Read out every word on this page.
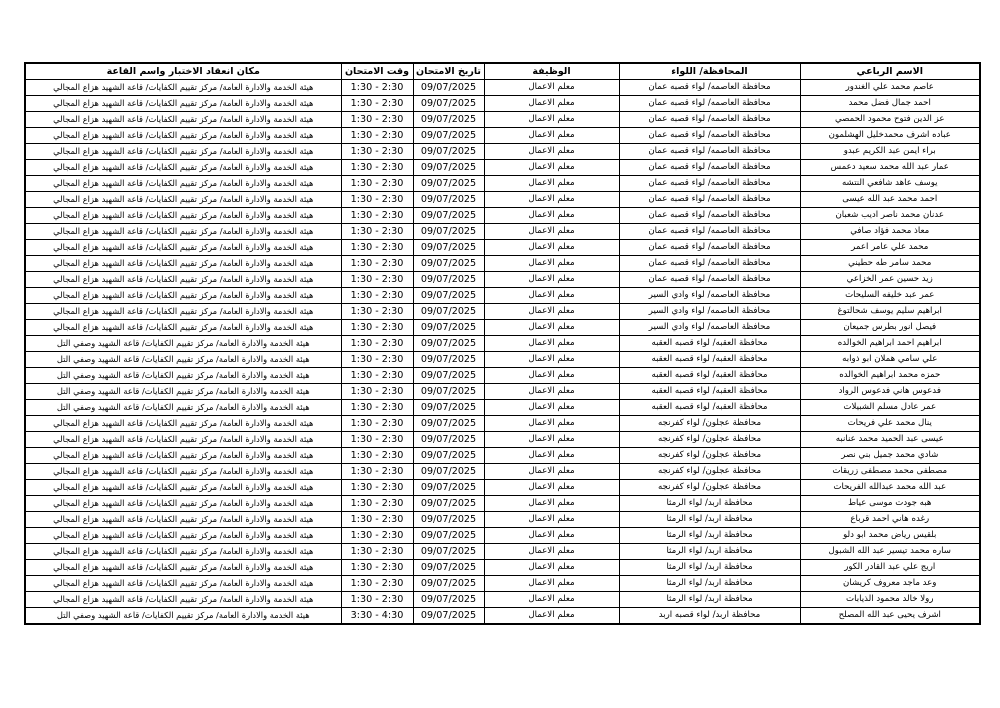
الاسم الرباعي	المحافظة/ اللواء	الوظيفة	تاريخ الامتحان	وقت الامتحان	مكان انعقاد الاختبار واسم القاعة
عاصم محمد علي الغندور	محافظة العاصمه/ لواء قصبه عمان	معلم الاعمال	09/07/2025	1:30 - 2:30	هيئة الخدمة والادارة العامة/ مركز تقييم الكفايات/ قاعة الشهيد هزاع المجالي
احمد جمال فضل محمد	محافظة العاصمه/ لواء قصبه عمان	معلم الاعمال	09/07/2025	1:30 - 2:30	هيئة الخدمة والادارة العامة/ مركز تقييم الكفايات/ قاعة الشهيد هزاع المجالي
عز الدين فتوح محمود الحمصي	محافظة العاصمه/ لواء قصبه عمان	معلم الاعمال	09/07/2025	1:30 - 2:30	هيئة الخدمة والادارة العامة/ مركز تقييم الكفايات/ قاعة الشهيد هزاع المجالي
عباده اشرف محمدخليل الهشلمون	محافظة العاصمه/ لواء قصبه عمان	معلم الاعمال	09/07/2025	1:30 - 2:30	هيئة الخدمة والادارة العامة/ مركز تقييم الكفايات/ قاعة الشهيد هزاع المجالي
براء ايمن عبد الكريم عبدو	محافظة العاصمه/ لواء قصبه عمان	معلم الاعمال	09/07/2025	1:30 - 2:30	هيئة الخدمة والادارة العامة/ مركز تقييم الكفايات/ قاعة الشهيد هزاع المجالي
عمار عبد الله محمد سعيد دعمس	محافظة العاصمه/ لواء قصبه عمان	معلم الاعمال	09/07/2025	1:30 - 2:30	هيئة الخدمة والادارة العامة/ مركز تقييم الكفايات/ قاعة الشهيد هزاع المجالي
يوسف عاهد شافعي النتشه	محافظة العاصمه/ لواء قصبه عمان	معلم الاعمال	09/07/2025	1:30 - 2:30	هيئة الخدمة والادارة العامة/ مركز تقييم الكفايات/ قاعة الشهيد هزاع المجالي
احمد محمد عبد الله عيسى	محافظة العاصمه/ لواء قصبه عمان	معلم الاعمال	09/07/2025	1:30 - 2:30	هيئة الخدمة والادارة العامة/ مركز تقييم الكفايات/ قاعة الشهيد هزاع المجالي
عدنان محمد ناصر اديب شعبان	محافظة العاصمه/ لواء قصبه عمان	معلم الاعمال	09/07/2025	1:30 - 2:30	هيئة الخدمة والادارة العامة/ مركز تقييم الكفايات/ قاعة الشهيد هزاع المجالي
معاذ محمد فؤاد صافي	محافظة العاصمه/ لواء قصبه عمان	معلم الاعمال	09/07/2025	1:30 - 2:30	هيئة الخدمة والادارة العامة/ مركز تقييم الكفايات/ قاعة الشهيد هزاع المجالي
محمد علي عامر اعمر	محافظة العاصمه/ لواء قصبه عمان	معلم الاعمال	09/07/2025	1:30 - 2:30	هيئة الخدمة والادارة العامة/ مركز تقييم الكفايات/ قاعة الشهيد هزاع المجالي
محمد سامر طه حطيني	محافظة العاصمه/ لواء قصبه عمان	معلم الاعمال	09/07/2025	1:30 - 2:30	هيئة الخدمة والادارة العامة/ مركز تقييم الكفايات/ قاعة الشهيد هزاع المجالي
زيد حسين عمر الخزاعي	محافظة العاصمه/ لواء قصبه عمان	معلم الاعمال	09/07/2025	1:30 - 2:30	هيئة الخدمة والادارة العامة/ مركز تقييم الكفايات/ قاعة الشهيد هزاع المجالي
عمر عبد خليفه السليحات	محافظة العاصمه/ لواء وادي السير	معلم الاعمال	09/07/2025	1:30 - 2:30	هيئة الخدمة والادارة العامة/ مركز تقييم الكفايات/ قاعة الشهيد هزاع المجالي
ابراهيم سليم يوسف شحالتوغ	محافظة العاصمه/ لواء وادي السير	معلم الاعمال	09/07/2025	1:30 - 2:30	هيئة الخدمة والادارة العامة/ مركز تقييم الكفايات/ قاعة الشهيد هزاع المجالي
فيصل انور بطرس جميعان	محافظة العاصمه/ لواء وادي السير	معلم الاعمال	09/07/2025	1:30 - 2:30	هيئة الخدمة والادارة العامة/ مركز تقييم الكفايات/ قاعة الشهيد هزاع المجالي
ابراهيم احمد ابراهيم الخوالده	محافظة العقبه/ لواء قصبه العقبه	معلم الاعمال	09/07/2025	1:30 - 2:30	هيئة الخدمة والادارة العامة/ مركز تقييم الكفايات/ قاعة الشهيد وصفي التل
علي سامي هملان ابو ذوابه	محافظة العقبه/ لواء قصبه العقبه	معلم الاعمال	09/07/2025	1:30 - 2:30	هيئة الخدمة والادارة العامة/ مركز تقييم الكفايات/ قاعة الشهيد وصفي التل
حمزه محمد ابراهيم الخوالده	محافظة العقبه/ لواء قصبه العقبه	معلم الاعمال	09/07/2025	1:30 - 2:30	هيئة الخدمة والادارة العامة/ مركز تقييم الكفايات/ قاعة الشهيد وصفي التل
فدعوس هاني فدعوس الرواد	محافظة العقبه/ لواء قصبه العقبه	معلم الاعمال	09/07/2025	1:30 - 2:30	هيئة الخدمة والادارة العامة/ مركز تقييم الكفايات/ قاعة الشهيد وصفي التل
عمر عادل مسلم الشبيلات	محافظة العقبه/ لواء قصبه العقبه	معلم الاعمال	09/07/2025	1:30 - 2:30	هيئة الخدمة والادارة العامة/ مركز تقييم الكفايات/ قاعة الشهيد وصفي التل
ينال محمد علي فريحات	محافظة عجلون/ لواء كفرنجه	معلم الاعمال	09/07/2025	1:30 - 2:30	هيئة الخدمة والادارة العامة/ مركز تقييم الكفايات/ قاعة الشهيد هزاع المجالي
عيسى عبد الحميد محمد عنانبه	محافظة عجلون/ لواء كفرنجه	معلم الاعمال	09/07/2025	1:30 - 2:30	هيئة الخدمة والادارة العامة/ مركز تقييم الكفايات/ قاعة الشهيد هزاع المجالي
شادي محمد جميل بني نصر	محافظة عجلون/ لواء كفرنجه	معلم الاعمال	09/07/2025	1:30 - 2:30	هيئة الخدمة والادارة العامة/ مركز تقييم الكفايات/ قاعة الشهيد هزاع المجالي
مصطفى محمد مصطفى زريقات	محافظة عجلون/ لواء كفرنجه	معلم الاعمال	09/07/2025	1:30 - 2:30	هيئة الخدمة والادارة العامة/ مركز تقييم الكفايات/ قاعة الشهيد هزاع المجالي
عبد الله محمد عبدالله الفريحات	محافظة عجلون/ لواء كفرنجه	معلم الاعمال	09/07/2025	1:30 - 2:30	هيئة الخدمة والادارة العامة/ مركز تقييم الكفايات/ قاعة الشهيد هزاع المجالي
هبه جودت موسى عياط	محافظة اربد/ لواء الرمثا	معلم الاعمال	09/07/2025	1:30 - 2:30	هيئة الخدمة والادارة العامة/ مركز تقييم الكفايات/ قاعة الشهيد هزاع المجالي
رغده هاني احمد قرباع	محافظة اربد/ لواء الرمثا	معلم الاعمال	09/07/2025	1:30 - 2:30	هيئة الخدمة والادارة العامة/ مركز تقييم الكفايات/ قاعة الشهيد هزاع المجالي
بلقيس رياض محمد ابو دلو	محافظة اربد/ لواء الرمثا	معلم الاعمال	09/07/2025	1:30 - 2:30	هيئة الخدمة والادارة العامة/ مركز تقييم الكفايات/ قاعة الشهيد هزاع المجالي
ساره محمد تيسير عبد الله الشبول	محافظة اربد/ لواء الرمثا	معلم الاعمال	09/07/2025	1:30 - 2:30	هيئة الخدمة والادارة العامة/ مركز تقييم الكفايات/ قاعة الشهيد هزاع المجالي
اريج علي عبد القادر الكور	محافظة اربد/ لواء الرمثا	معلم الاعمال	09/07/2025	1:30 - 2:30	هيئة الخدمة والادارة العامة/ مركز تقييم الكفايات/ قاعة الشهيد هزاع المجالي
وعد ماجد معروف كريشان	محافظة اربد/ لواء الرمثا	معلم الاعمال	09/07/2025	1:30 - 2:30	هيئة الخدمة والادارة العامة/ مركز تقييم الكفايات/ قاعة الشهيد هزاع المجالي
رولا خالد محمود الذيابات	محافظة اربد/ لواء الرمثا	معلم الاعمال	09/07/2025	1:30 - 2:30	هيئة الخدمة والادارة العامة/ مركز تقييم الكفايات/ قاعة الشهيد هزاع المجالي
اشرف يحيى عبد الله المصلح	محافظة اربد/ لواء قصبه اربد	معلم الاعمال	09/07/2025	3:30 - 4:30	هيئة الخدمة والادارة العامة/ مركز تقييم الكفايات/ قاعة الشهيد وصفي التل
